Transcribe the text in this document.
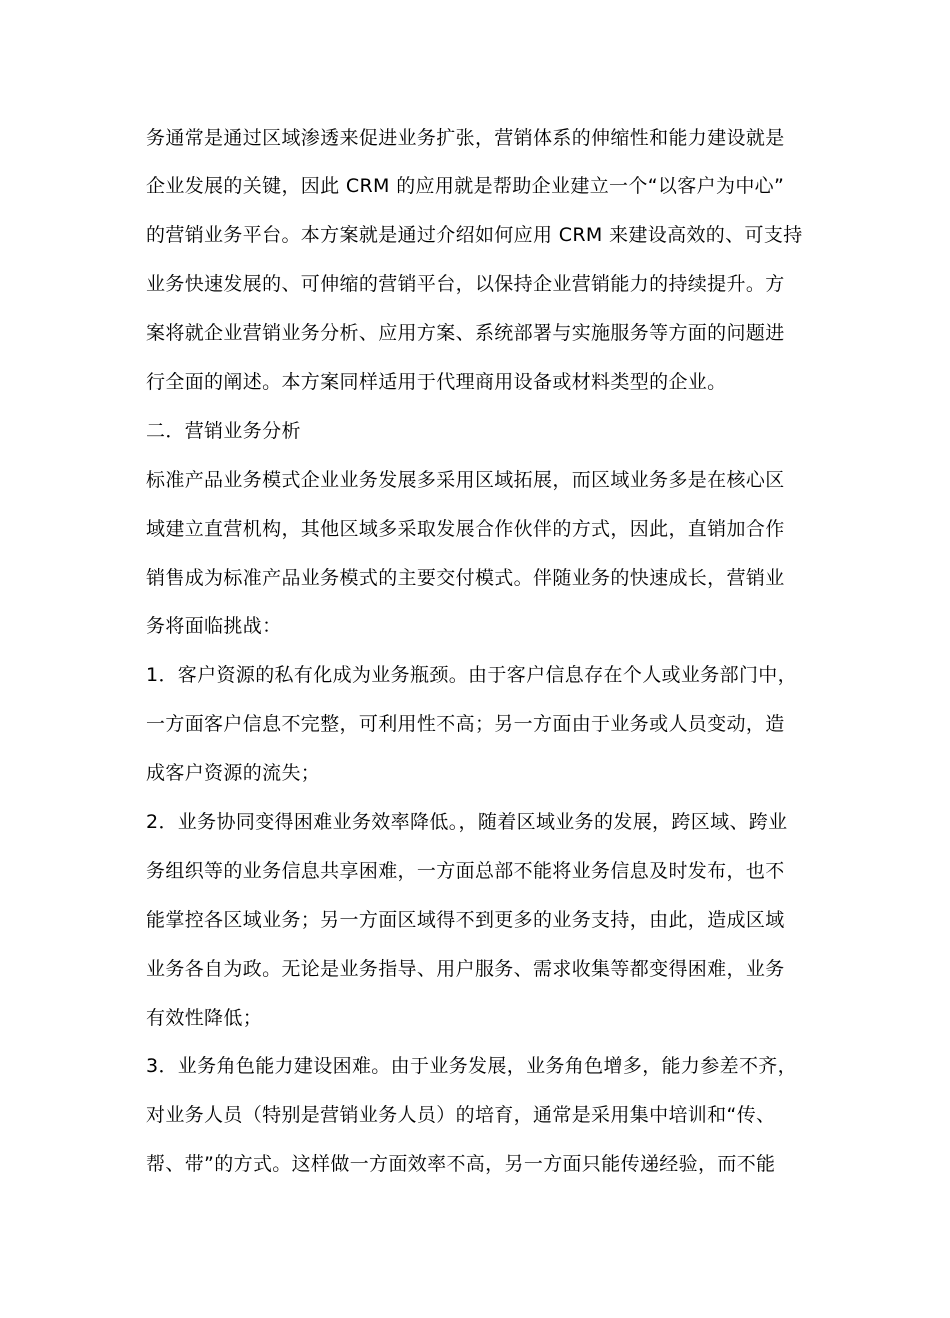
务通常是通过区域渗透来促进业务扩张，营销体系的伸缩性和能力建设就是
企业发展的关键，因此 CRM 的应用就是帮助企业建立一个“以客户为中心”
的营销业务平台。本方案就是通过介绍如何应用 CRM 来建设高效的、可支持
业务快速发展的、可伸缩的营销平台，以保持企业营销能力的持续提升。方
案将就企业营销业务分析、应用方案、系统部署与实施服务等方面的问题进
行全面的阐述。本方案同样适用于代理商用设备或材料类型的企业。
二．营销业务分析
标准产品业务模式企业业务发展多采用区域拓展，而区域业务多是在核心区
域建立直营机构，其他区域多采取发展合作伙伴的方式，因此，直销加合作
销售成为标准产品业务模式的主要交付模式。伴随业务的快速成长，营销业
务将面临挑战：
1．客户资源的私有化成为业务瓶颈。由于客户信息存在个人或业务部门中，
一方面客户信息不完整，可利用性不高；另一方面由于业务或人员变动，造
成客户资源的流失；
2．业务协同变得困难业务效率降低。，随着区域业务的发展，跨区域、跨业
务组织等的业务信息共享困难，一方面总部不能将业务信息及时发布，也不
能掌控各区域业务；另一方面区域得不到更多的业务支持，由此，造成区域
业务各自为政。无论是业务指导、用户服务、需求收集等都变得困难，业务
有效性降低；
3．业务角色能力建设困难。由于业务发展，业务角色增多，能力参差不齐，
对业务人员（特别是营销业务人员）的培育，通常是采用集中培训和“传、
帮、带”的方式。这样做一方面效率不高，另一方面只能传递经验，而不能
